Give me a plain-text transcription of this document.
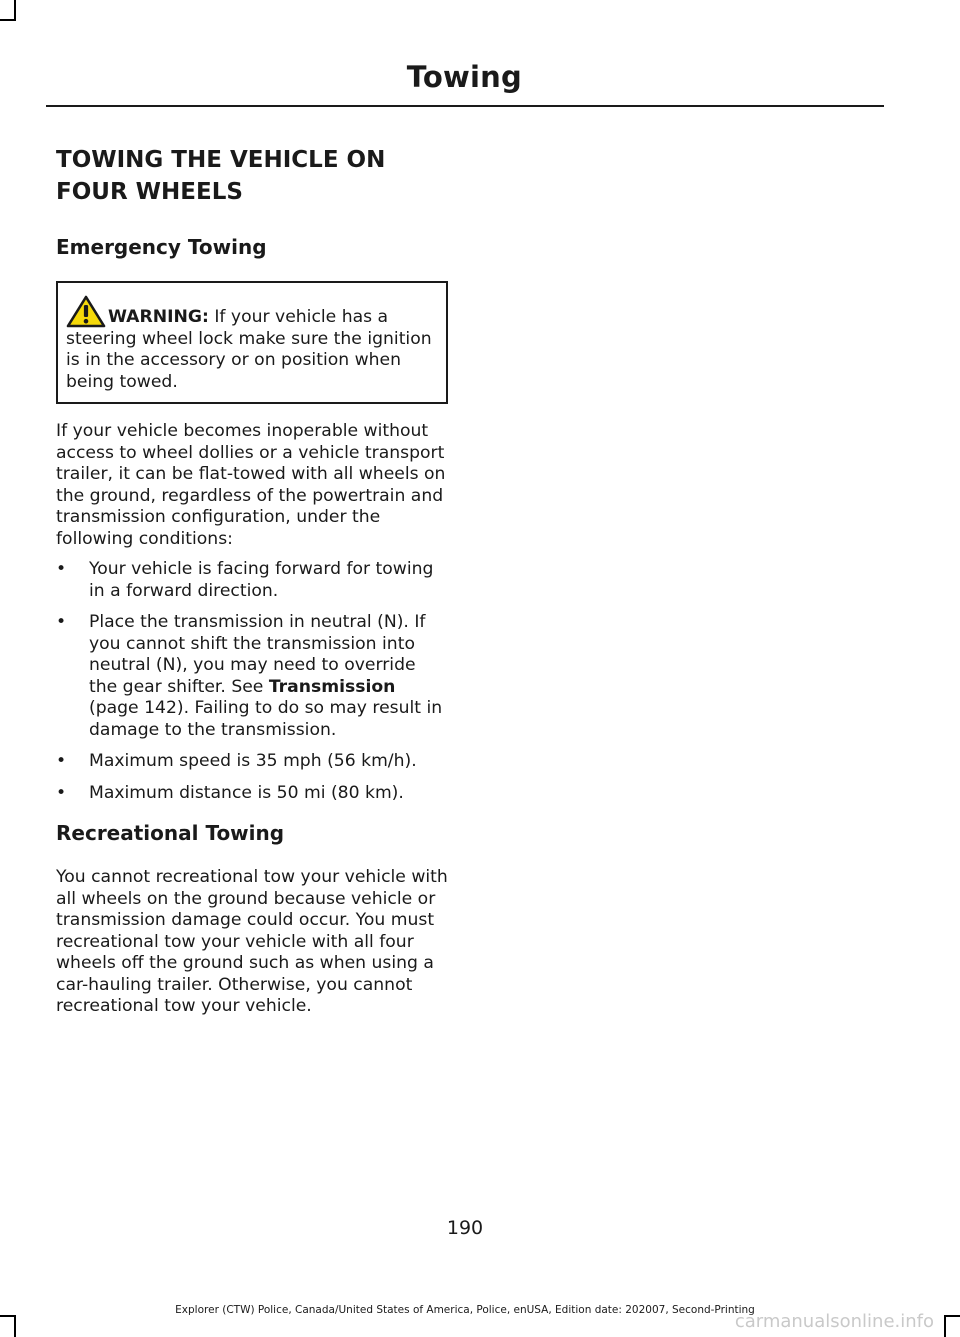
Towing
TOWING THE VEHICLE ON
FOUR WHEELS
Emergency Towing
WARNING: If your vehicle has a steering wheel lock make sure the ignition is in the accessory or on position when being towed.

If your vehicle becomes inoperable without access to wheel dollies or a vehicle transport trailer, it can be flat-towed with all wheels on the ground, regardless of the powertrain and transmission configuration, under the following conditions:

• Your vehicle is facing forward for towing in a forward direction.
• Place the transmission in neutral (N). If you cannot shift the transmission into neutral (N), you may need to override the gear shifter. See Transmission (page 142). Failing to do so may result in damage to the transmission.
• Maximum speed is 35 mph (56 km/h).
• Maximum distance is 50 mi (80 km).
Recreational Towing

You cannot recreational tow your vehicle with all wheels on the ground because vehicle or transmission damage could occur. You must recreational tow your vehicle with all four wheels off the ground such as when using a car-hauling trailer. Otherwise, you cannot recreational tow your vehicle.

190
Explorer (CTW) Police, Canada/United States of America, Police, enUSA, Edition date: 202007, Second-Printing
carmanualsonline.info
